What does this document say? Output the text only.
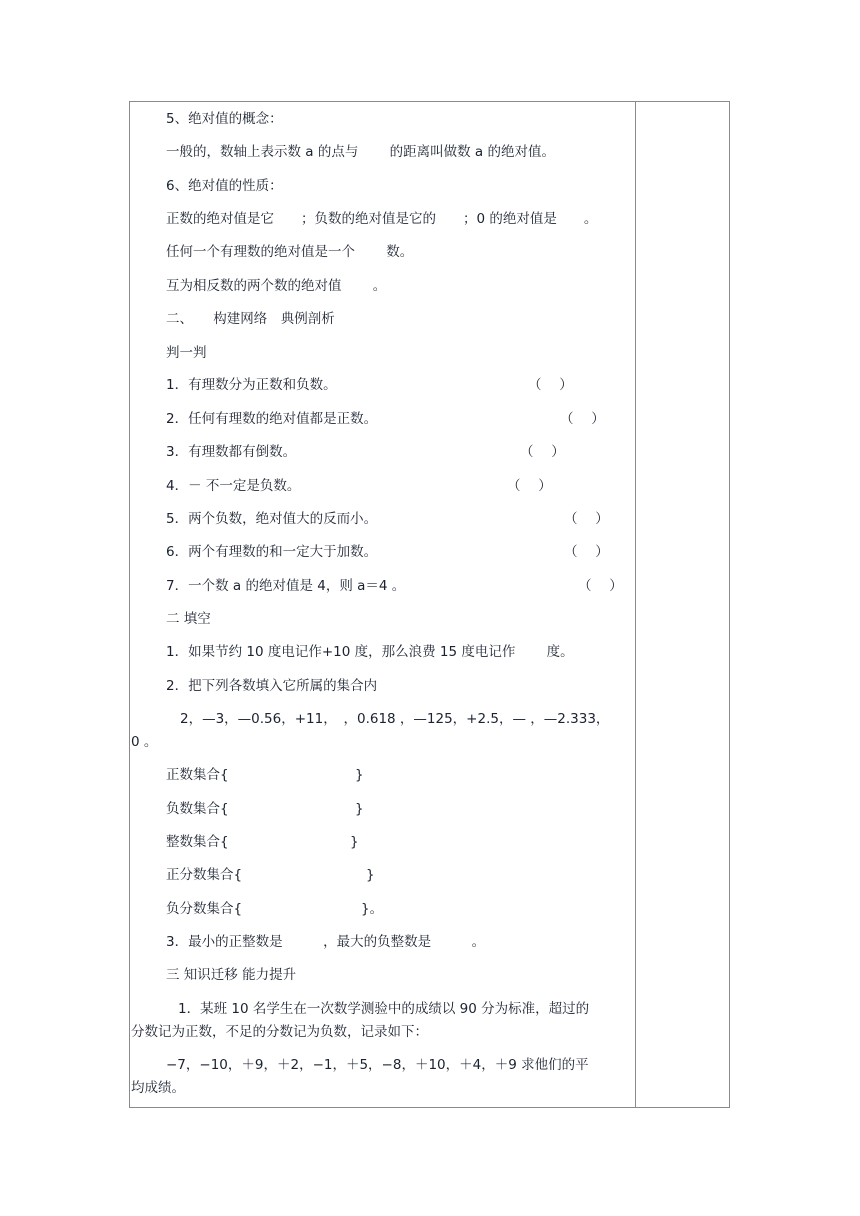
5、绝对值的概念：
一般的，数轴上表示数 a 的点与　　 的距离叫做数 a 的绝对值。
6、绝对值的性质：
正数的绝对值是它　　；负数的绝对值是它的　　；0 的绝对值是　　。
任何一个有理数的绝对值是一个　　 数。
互为相反数的两个数的绝对值　　 。
二、　　构建网络　典例剖析
判一判
1．有理数分为正数和负数。	（　 ）
2．任何有理数的绝对值都是正数。	（　 ）
3．有理数都有倒数。	（　 ）
4．－ 不一定是负数。	（　 ）
5．两个负数，绝对值大的反而小。	（　 ）
6．两个有理数的和一定大于加数。	（　 ）
7．一个数 a 的绝对值是 4，则 a＝4 。	（　 ）
二 填空
1．如果节约 10 度电记作+10 度，那么浪费 15 度电记作　　 度。
2．把下列各数填入它所属的集合内
2，—3，—0.56，+11，　，0.618 ，—125，+2.5，— ，—2.333，
0 。
正数集合{	}
负数集合{	}
整数集合{	}
正分数集合{	}
负分数集合{	}。
3．最小的正整数是　　　，最大的负整数是　　　。
三 知识迁移 能力提升
1．某班 10 名学生在一次数学测验中的成绩以 90 分为标准，超过的
分数记为正数，不足的分数记为负数，记录如下：
−7，−10，＋9，＋2，−1，＋5，−8，＋10，＋4，＋9 求他们的平
均成绩。
